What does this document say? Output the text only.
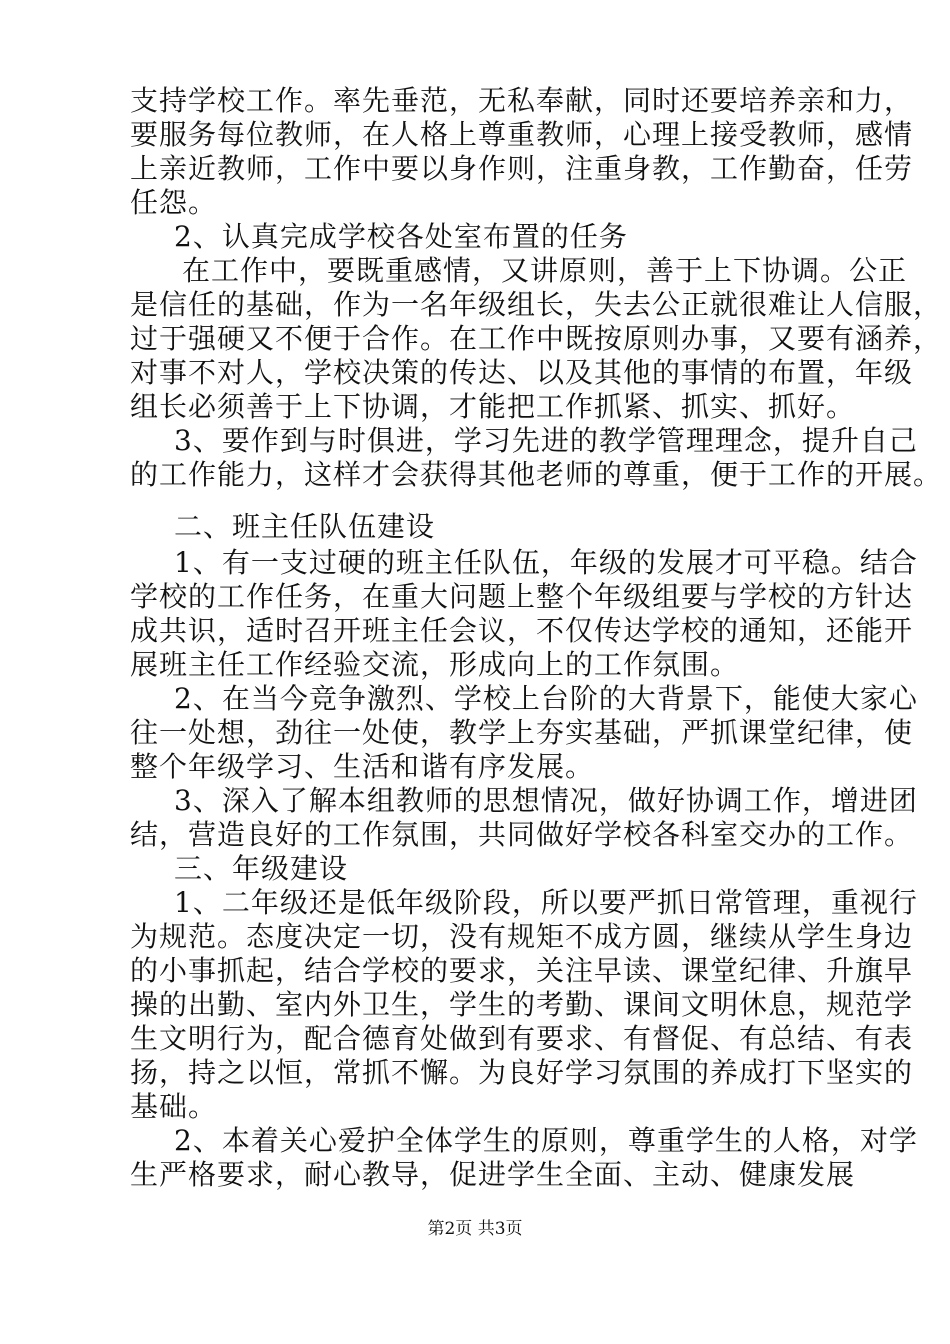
支持学校工作。率先垂范，无私奉献，同时还要培养亲和力，
要服务每位教师，在人格上尊重教师，心理上接受教师，感情
上亲近教师，工作中要以身作则，注重身教，工作勤奋，任劳
任怨。
2、认真完成学校各处室布置的任务
在工作中，要既重感情，又讲原则，善于上下协调。公正
是信任的基础，作为一名年级组长，失去公正就很难让人信服，
过于强硬又不便于合作。在工作中既按原则办事，又要有涵养，
对事不对人，学校决策的传达、以及其他的事情的布置，年级
组长必须善于上下协调，才能把工作抓紧、抓实、抓好。
3、要作到与时俱进，学习先进的教学管理理念，提升自己
的工作能力，这样才会获得其他老师的尊重，便于工作的开展。
二、班主任队伍建设
1、有一支过硬的班主任队伍，年级的发展才可平稳。结合
学校的工作任务，在重大问题上整个年级组要与学校的方针达
成共识，适时召开班主任会议，不仅传达学校的通知，还能开
展班主任工作经验交流，形成向上的工作氛围。
2、在当今竞争激烈、学校上台阶的大背景下，能使大家心
往一处想，劲往一处使，教学上夯实基础，严抓课堂纪律，使
整个年级学习、生活和谐有序发展。
3、深入了解本组教师的思想情况，做好协调工作，增进团
结，营造良好的工作氛围，共同做好学校各科室交办的工作。
三、年级建设
1、二年级还是低年级阶段，所以要严抓日常管理，重视行
为规范。态度决定一切，没有规矩不成方圆，继续从学生身边
的小事抓起，结合学校的要求，关注早读、课堂纪律、升旗早
操的出勤、室内外卫生，学生的考勤、课间文明休息，规范学
生文明行为，配合德育处做到有要求、有督促、有总结、有表
扬，持之以恒，常抓不懈。为良好学习氛围的养成打下坚实的
基础。
2、本着关心爱护全体学生的原则，尊重学生的人格，对学
生严格要求，耐心教导，促进学生全面、主动、健康发展
第2页 共3页
